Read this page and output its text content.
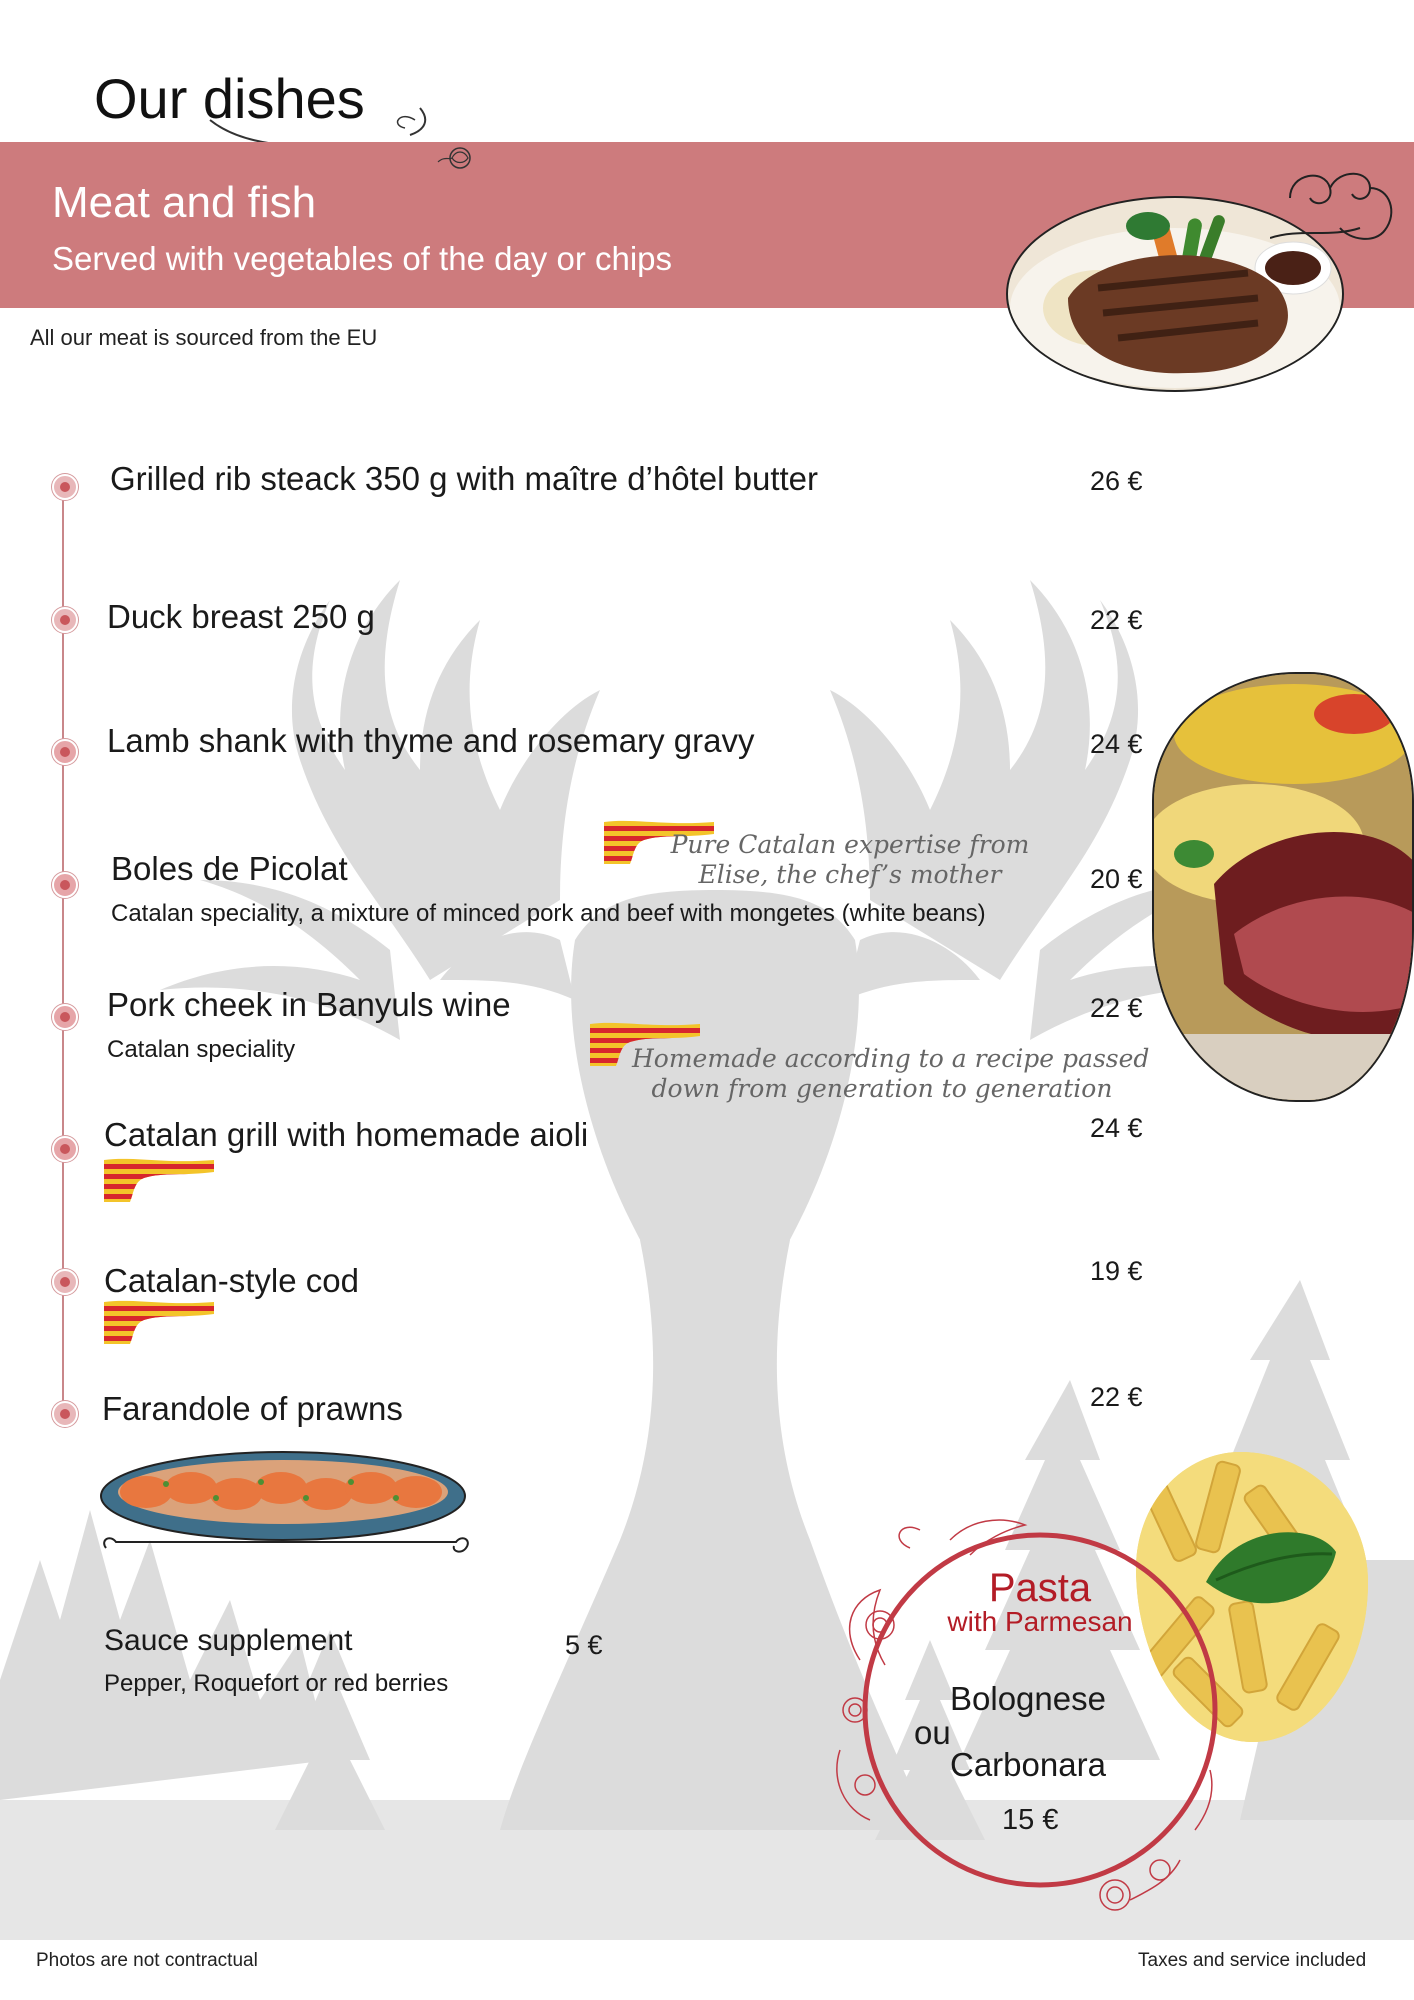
Our dishes
Meat and fish
Served with vegetables of the day or chips
All our meat is sourced from the EU
Grilled rib steack 350 g with maître d’hôtel butter	26 €
Duck breast 250 g	22 €
Lamb shank with thyme and rosemary gravy	24 €
Boles de Picolat
Catalan speciality, a mixture of minced pork and beef with mongetes (white beans)
20 €
Pork cheek in Banyuls wine
Catalan speciality
22 €
Catalan grill with homemade aioli	24 €
Catalan-style cod	19 €
Farandole of prawns	22 €
Pure Catalan expertise from
Elise, the chef’s mother
Homemade according to a recipe passed
down from generation to generation
Sauce supplement	5 €
Pepper, Roquefort or red berries
Pasta
with Parmesan
Bolognese
ou
Carbonara
15 €
Photos are not contractual	Taxes and service included
